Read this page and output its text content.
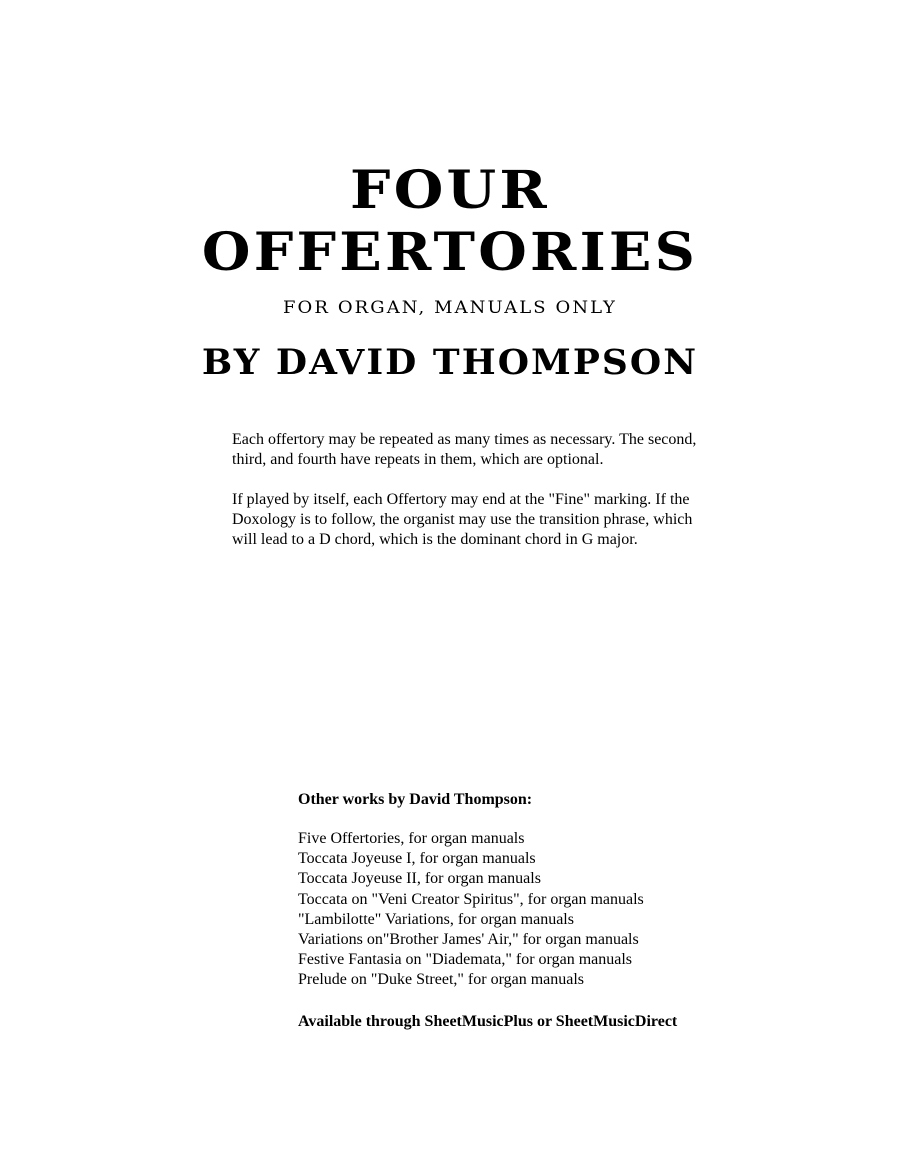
FOUR
OFFERTORIES
FOR ORGAN, MANUALS ONLY
BY DAVID THOMPSON
Each offertory may be repeated as many times as necessary. The second,
third, and fourth have repeats in them, which are optional.
If played by itself, each Offertory may end at the "Fine" marking. If the
Doxology is to follow, the organist may use the transition phrase, which
will lead to a D chord, which is the dominant chord in G major.
Other works by David Thompson:
Five Offertories, for organ manuals
Toccata Joyeuse I, for organ manuals
Toccata Joyeuse II, for organ manuals
Toccata on "Veni Creator Spiritus", for organ manuals
"Lambilotte" Variations, for organ manuals
Variations on"Brother James' Air," for organ manuals
Festive Fantasia on "Diademata," for organ manuals
Prelude on "Duke Street," for organ manuals
Available through SheetMusicPlus or SheetMusicDirect
